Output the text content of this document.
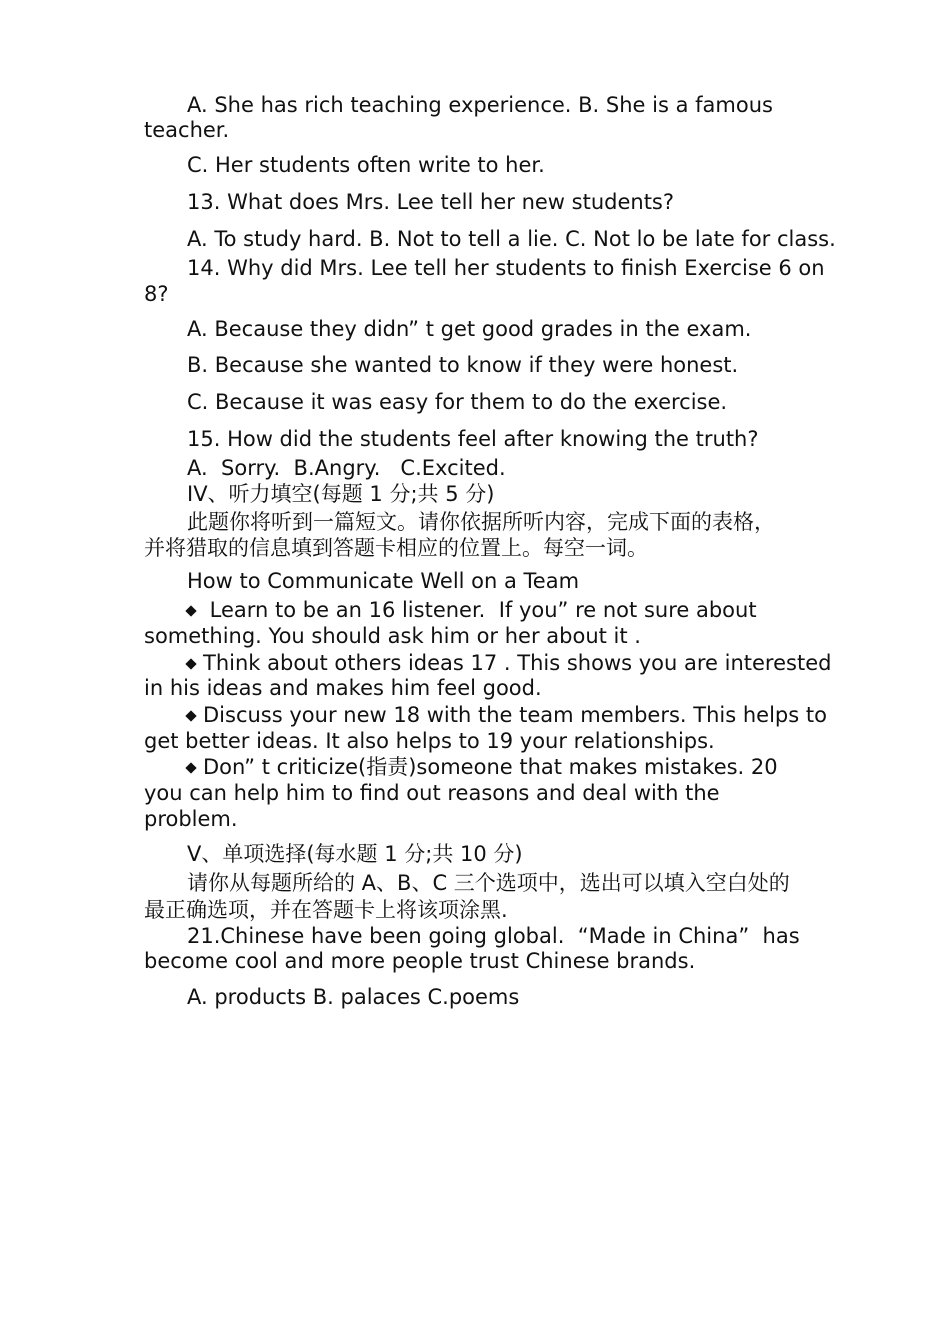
A. She has rich teaching experience. B. She is a famous
teacher.
C. Her students often write to her.
13. What does Mrs. Lee tell her new students?
A. To study hard. B. Not to tell a lie. C. Not lo be late for class.
14. Why did Mrs. Lee tell her students to finish Exercise 6 on
8?
A. Because they didn” t get good grades in the exam.
B. Because she wanted to know if they were honest.
C. Because it was easy for them to do the exercise.
15. How did the students feel after knowing the truth?
A.  Sorry.  B.Angry.   C.Excited.
IV、听力填空(每题 1 分;共 5 分)
此题你将听到一篇短文。请你依据所听内容，完成下面的表格，
并将猎取的信息填到答题卡相应的位置上。每空一词。
How to Communicate Well on a Team
Learn to be an 16 listener.  If you” re not sure about
something. You should ask him or her about it .
Think about others ideas 17 . This shows you are interested
in his ideas and makes him feel good.
Discuss your new 18 with the team members. This helps to
get better ideas. It also helps to 19 your relationships.
Don” t criticize(指责)someone that makes mistakes. 20
you can help him to find out reasons and deal with the
problem.
Ⅴ、单项选择(每水题 1 分;共 10 分)
请你从每题所给的 A、B、C 三个选项中，选出可以填入空白处的
最正确选项，并在答题卡上将该项涂黑.
21.Chinese have been going global.  “Made in China”  has
become cool and more people trust Chinese brands.
A. products B. palaces C.poems
